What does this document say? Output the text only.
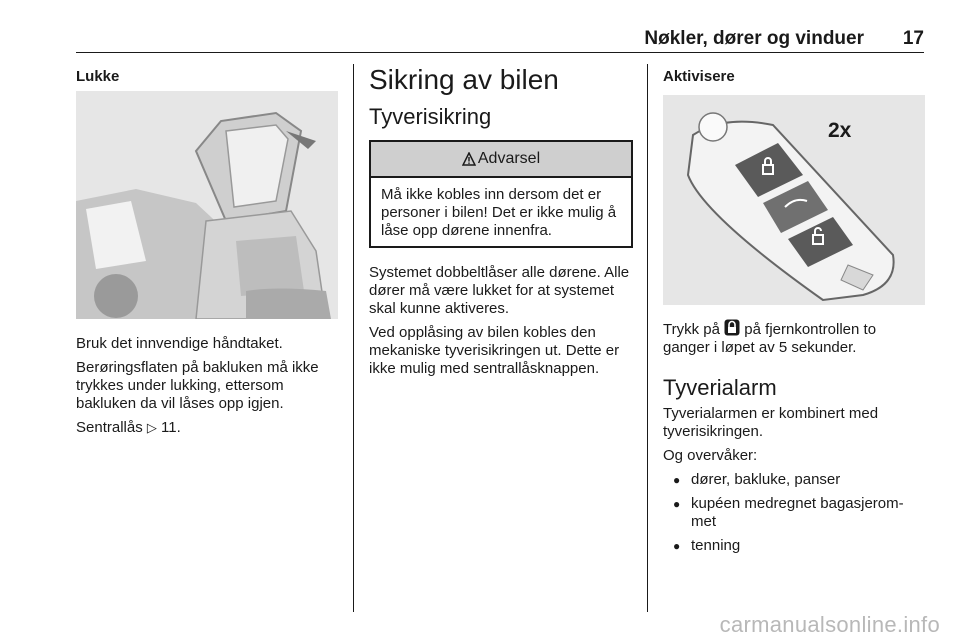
Nøkler, dører og vinduer 17
Lukke

Bruk det innvendige håndtaket.

Berøringsflaten på bakluken må ikke trykkes under lukking, ettersom bakluken da vil låses opp igjen.

Sentrallås ▷ 11.

Sikring av bilen
Tyverisikring
Advarsel

Må ikke kobles inn dersom det er personer i bilen! Det er ikke mulig å låse opp dørene innenfra.

Systemet dobbeltlåser alle dørene. Alle dører må være lukket for at systemet skal kunne aktiveres.

Ved opplåsing av bilen kobles den mekaniske tyverisikringen ut. Dette er ikke mulig med sentrallåsknappen.

Aktivisere
2x

Trykk på på fjernkontrollen to ganger i løpet av 5 sekunder.

Tyverialarm

Tyverialarmen er kombinert med tyverisikringen.

Og overvåker:

● dører, bakluke, panser
● kupéen medregnet bagasjerom-met
● tenning
carmanualsonline.info
